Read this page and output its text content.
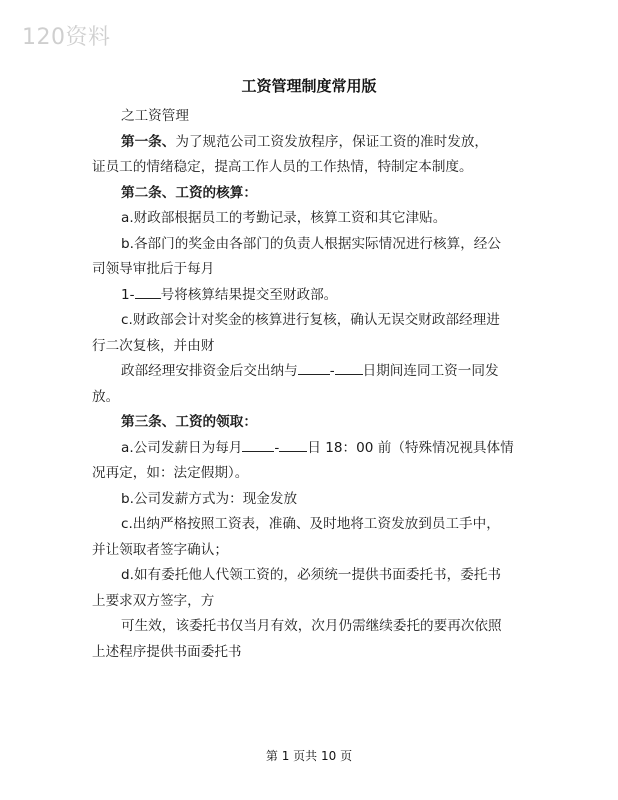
120资料
工资管理制度常用版

之工资管理

第一条、为了规范公司工资发放程序，保证工资的准时发放，

证员工的情绪稳定，提高工作人员的工作热情，特制定本制度。

第二条、工资的核算：

a.财政部根据员工的考勤记录，核算工资和其它津贴。

b.各部门的奖金由各部门的负责人根据实际情况进行核算，经公

司领导审批后于每月

1- 号将核算结果提交至财政部。

c.财政部会计对奖金的核算进行复核，确认无误交财政部经理进

行二次复核，并由财

政部经理安排资金后交出纳与 - 日期间连同工资一同发放。

第三条、工资的领取：

a.公司发薪日为每月 - 日 18：00 前（特殊情况视具体情

况再定，如：法定假期）。

b.公司发薪方式为：现金发放

c.出纳严格按照工资表，准确、及时地将工资发放到员工手中，

并让领取者签字确认；

d.如有委托他人代领工资的，必须统一提供书面委托书，委托书

上要求双方签字，方

可生效，该委托书仅当月有效，次月仍需继续委托的要再次依照

上述程序提供书面委托书

第 1 页共 10 页
